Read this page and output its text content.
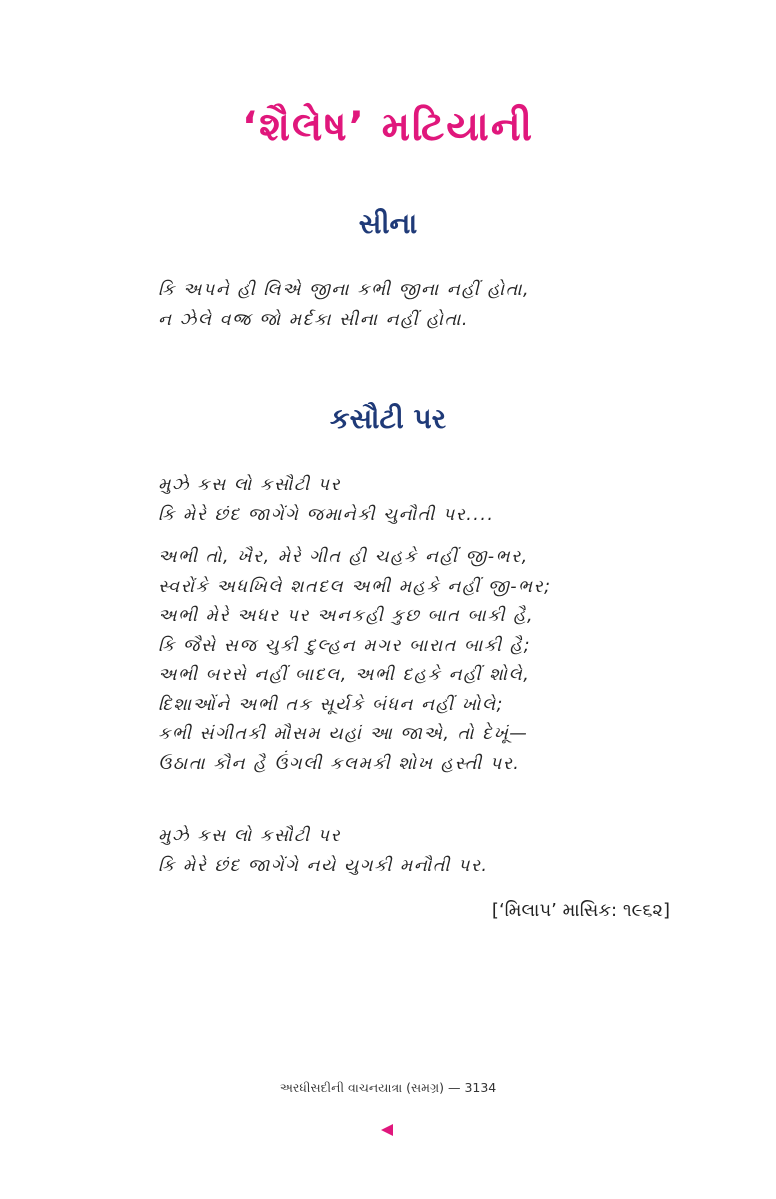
‘શૈલેષ’ મટિયાની
સીના
કિ અપને હી લિએ જીના કભી જીના નહીં હોતા,
ન ઝેલે વજ્ર જો મર્દકા સીના નહીં હોતા.
કસૌટી પર
મુઝે કસ લો કસૌટી પર
કિ મેરે છંદ જાગેંગે જમાનેકી ચુનૌતી પર....
અભી તો, ખૈર, મેરે ગીત હી ચહકે નહીં જી-ભર,
સ્વરોંકે અધખિલે શતદલ અભી મહકે નહીં જી-ભર;
અભી મેરે અધર પર અનકહી કુછ બાત બાકી હૈ,
કિ જૈસે સજ ચુકી દુલ્હન મગર બારાત બાકી હૈ;
અભી બરસે નહીં બાદલ, અભી દહકે નહીં શોલે,
દિશાઓંને અભી તક સૂર્યકે બંધન નહીં ખોલે;
કભી સંગીતકી મૌસમ યહાં આ જાએ, તો દેખૂં—
ઉઠાતા કૌન હૈ ઉંગલી કલમકી શોખ હસ્તી પર.
મુઝે કસ લો કસૌટી પર
કિ મેરે છંદ જાગેંગે નયે યુગકી મનૌતી પર.
[‘મિલાપ’ માસિક: ૧૯૬૨]
અરધીસદીની વાચનયાત્રા (સમગ્ર) — 3134
